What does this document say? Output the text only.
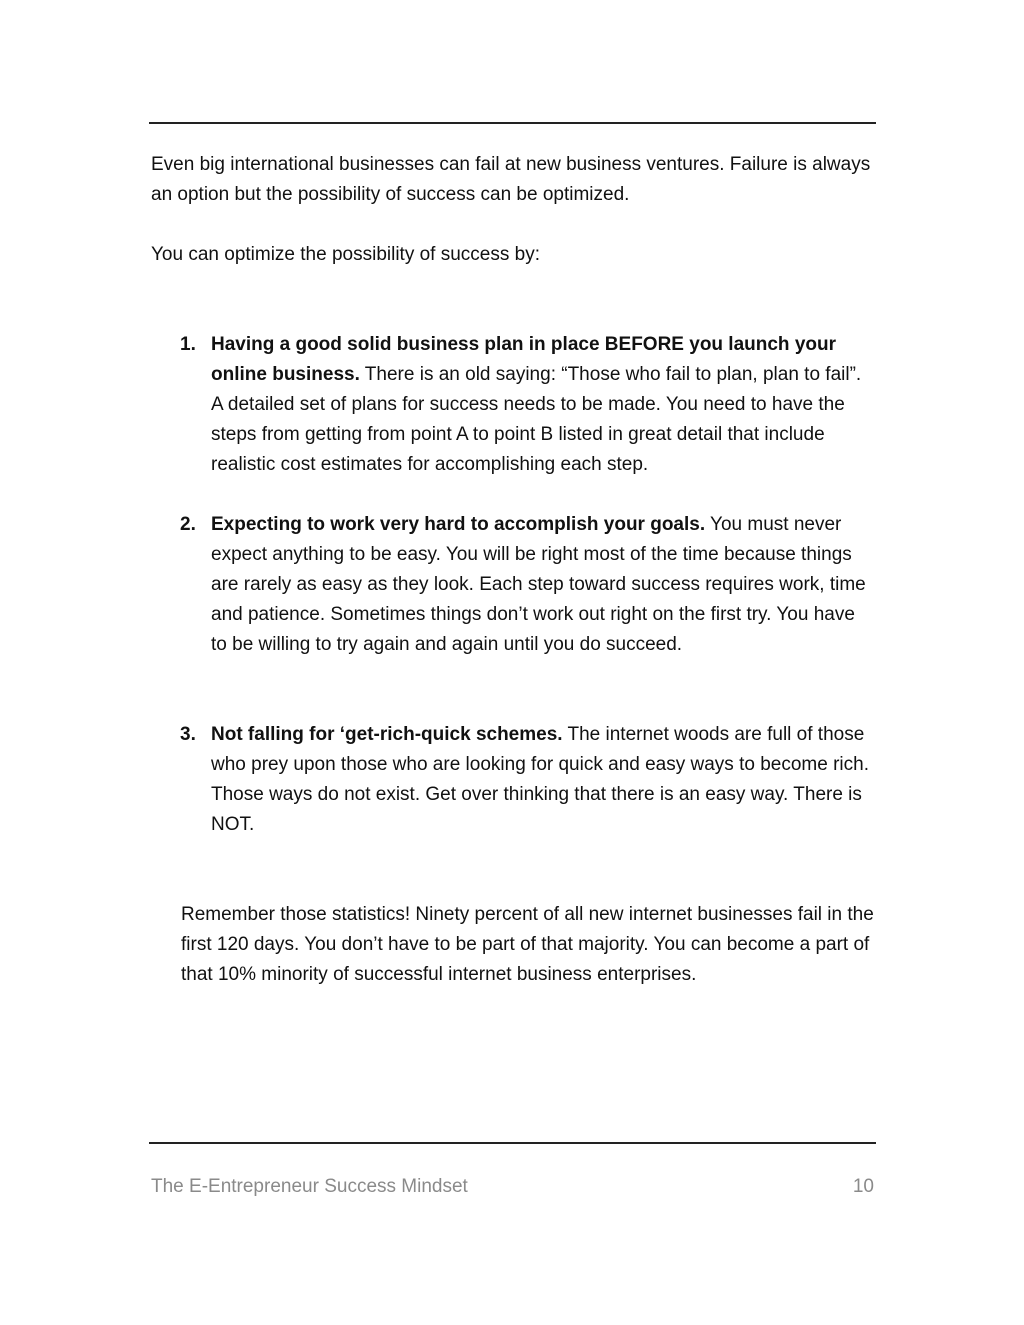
Even big international businesses can fail at new business ventures. Failure is always an option but the possibility of success can be optimized.

You can optimize the possibility of success by:

1. Having a good solid business plan in place BEFORE you launch your online business. There is an old saying: “Those who fail to plan, plan to fail”. A detailed set of plans for success needs to be made. You need to have the steps from getting from point A to point B listed in great detail that include realistic cost estimates for accomplishing each step.
2. Expecting to work very hard to accomplish your goals. You must never expect anything to be easy. You will be right most of the time because things are rarely as easy as they look. Each step toward success requires work, time and patience. Sometimes things don’t work out right on the first try. You have to be willing to try again and again until you do succeed.
3. Not falling for ‘get-rich-quick schemes. The internet woods are full of those who prey upon those who are looking for quick and easy ways to become rich. Those ways do not exist. Get over thinking that there is an easy way. There is NOT.

Remember those statistics! Ninety percent of all new internet businesses fail in the first 120 days. You don’t have to be part of that majority. You can become a part of that 10% minority of successful internet business enterprises.

The E-Entrepreneur Success Mindset	10
